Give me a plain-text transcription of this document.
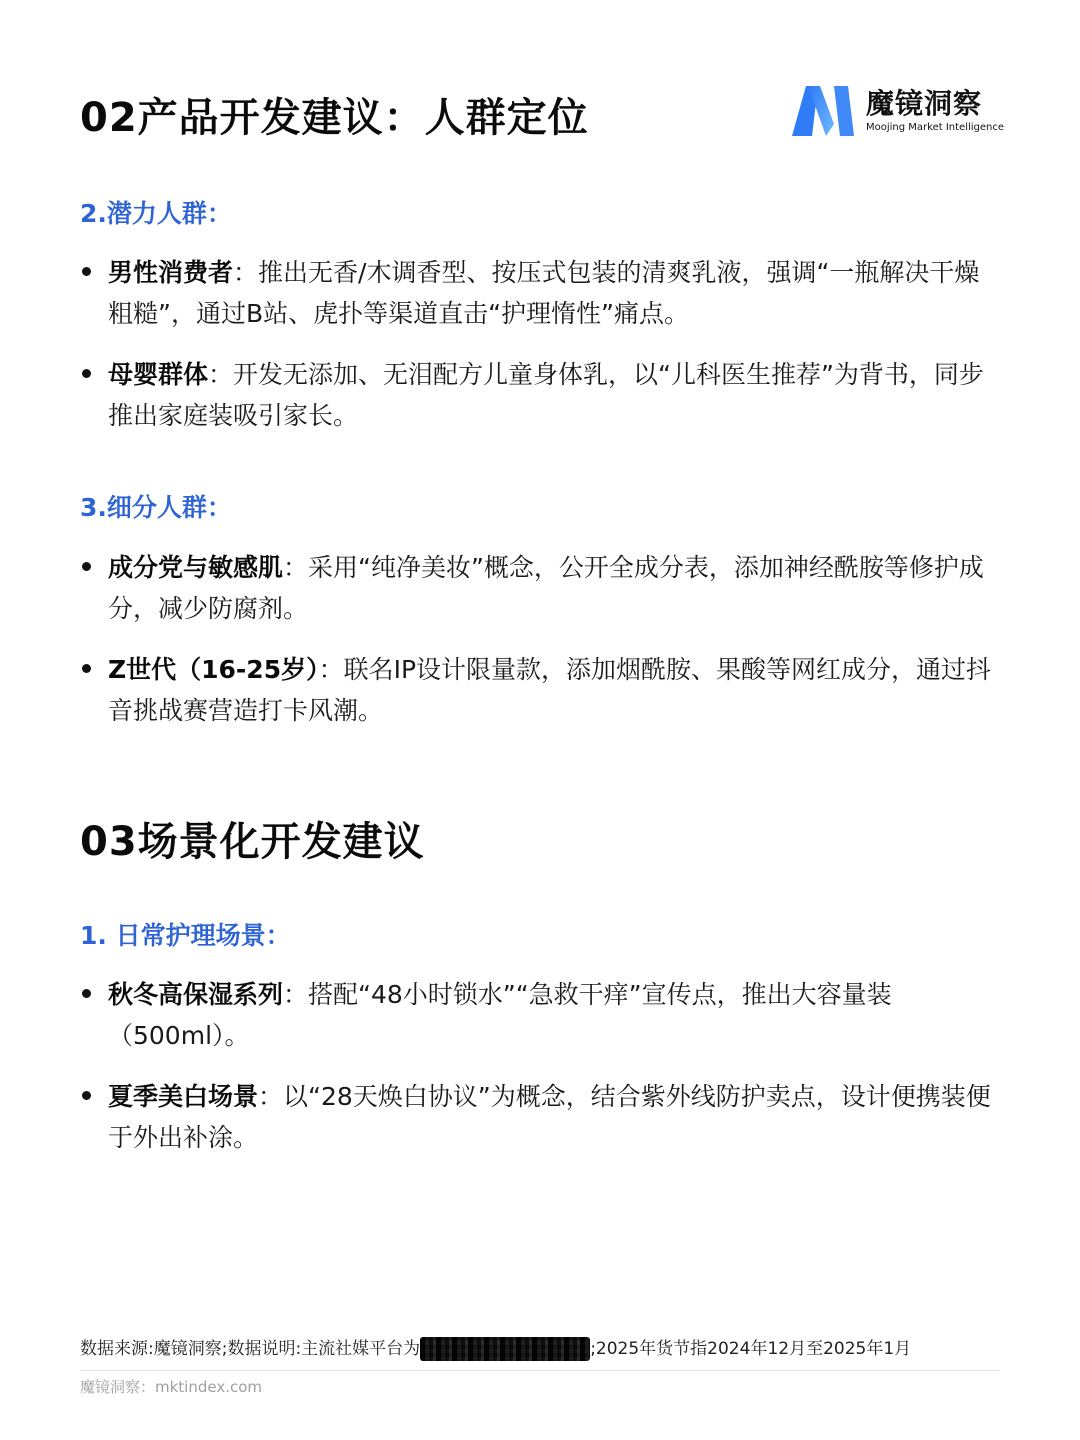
02产品开发建议：人群定位	魔镜洞察
Moojing Market Intelligence
2.潜力人群：

男性消费者：推出无香/木调香型、按压式包装的清爽乳液，强调“一瓶解决干燥粗糙”，通过B站、虎扑等渠道直击“护理惰性”痛点。

母婴群体：开发无添加、无泪配方儿童身体乳，以“儿科医生推荐”为背书，同步推出家庭装吸引家长。

3.细分人群：

成分党与敏感肌：采用“纯净美妆”概念，公开全成分表，添加神经酰胺等修护成分，减少防腐剂。

Z世代（16-25岁）：联名IP设计限量款，添加烟酰胺、果酸等网红成分，通过抖音挑战赛营造打卡风潮。

03场景化开发建议
1. 日常护理场景：

秋冬高保湿系列：搭配“48小时锁水”“急救干痒”宣传点，推出大容量装（500ml）。

夏季美白场景：以“28天焕白协议”为概念，结合紫外线防护卖点，设计便携装便于外出补涂。

数据来源:魔镜洞察;数据说明:主流社媒平台为	;2025年货节指2024年12月至2025年1月
魔镜洞察：mktindex.com
